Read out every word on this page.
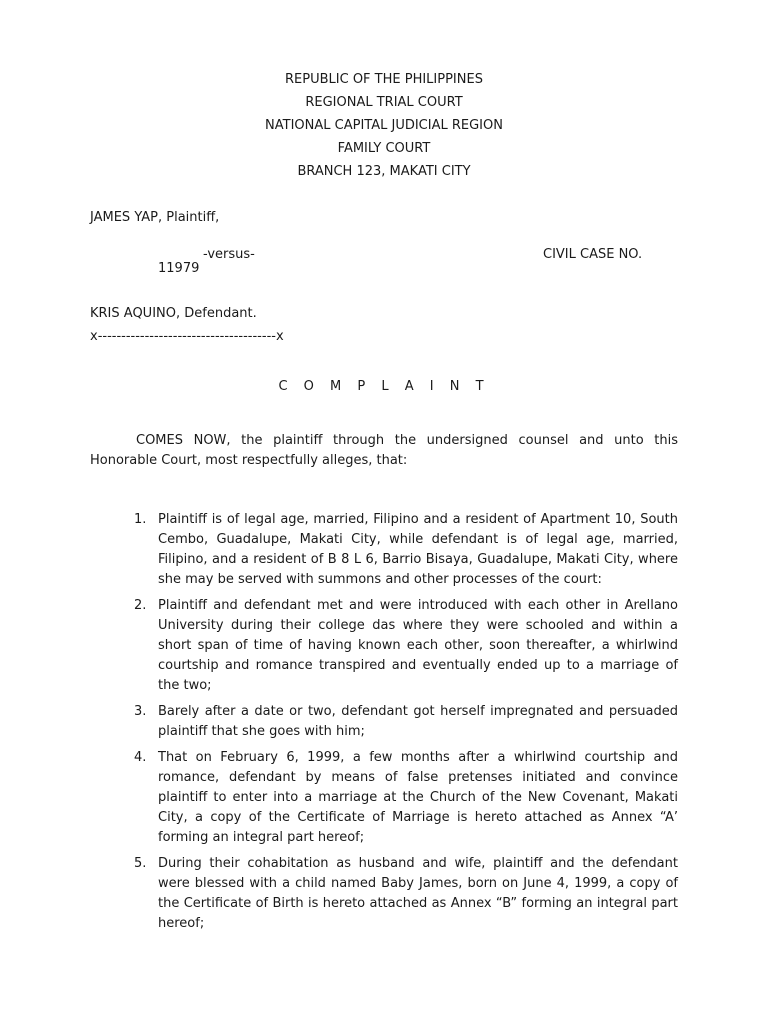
REPUBLIC OF THE PHILIPPINES
REGIONAL TRIAL COURT
NATIONAL CAPITAL JUDICIAL REGION
FAMILY COURT
BRANCH 123, MAKATI CITY
JAMES YAP, Plaintiff,
-versus-	CIVIL CASE NO.
11979
KRIS AQUINO, Defendant.
x--------------------------------------x
C O M P L A I N T

COMES NOW, the plaintiff through the undersigned counsel and unto this Honorable Court, most respectfully alleges, that:

1. Plaintiff is of legal age, married, Filipino and a resident of Apartment 10, South Cembo, Guadalupe, Makati City, while defendant is of legal age, married, Filipino, and a resident of B 8 L 6, Barrio Bisaya, Guadalupe, Makati City, where she may be served with summons and other processes of the court:
2. Plaintiff and defendant met and were introduced with each other in Arellano University during their college das where they were schooled and within a short span of time of having known each other, soon thereafter, a whirlwind courtship and romance transpired and eventually ended up to a marriage of the two;
3. Barely after a date or two, defendant got herself impregnated and persuaded plaintiff that she goes with him;
4. That on February 6, 1999, a few months after a whirlwind courtship and romance, defendant by means of false pretenses initiated and convince plaintiff to enter into a marriage at the Church of the New Covenant, Makati City, a copy of the Certificate of Marriage is hereto attached as Annex “A’ forming an integral part hereof;
5. During their cohabitation as husband and wife, plaintiff and the defendant were blessed with a child named Baby James, born on June 4, 1999, a copy of the Certificate of Birth is hereto attached as Annex “B” forming an integral part hereof;
